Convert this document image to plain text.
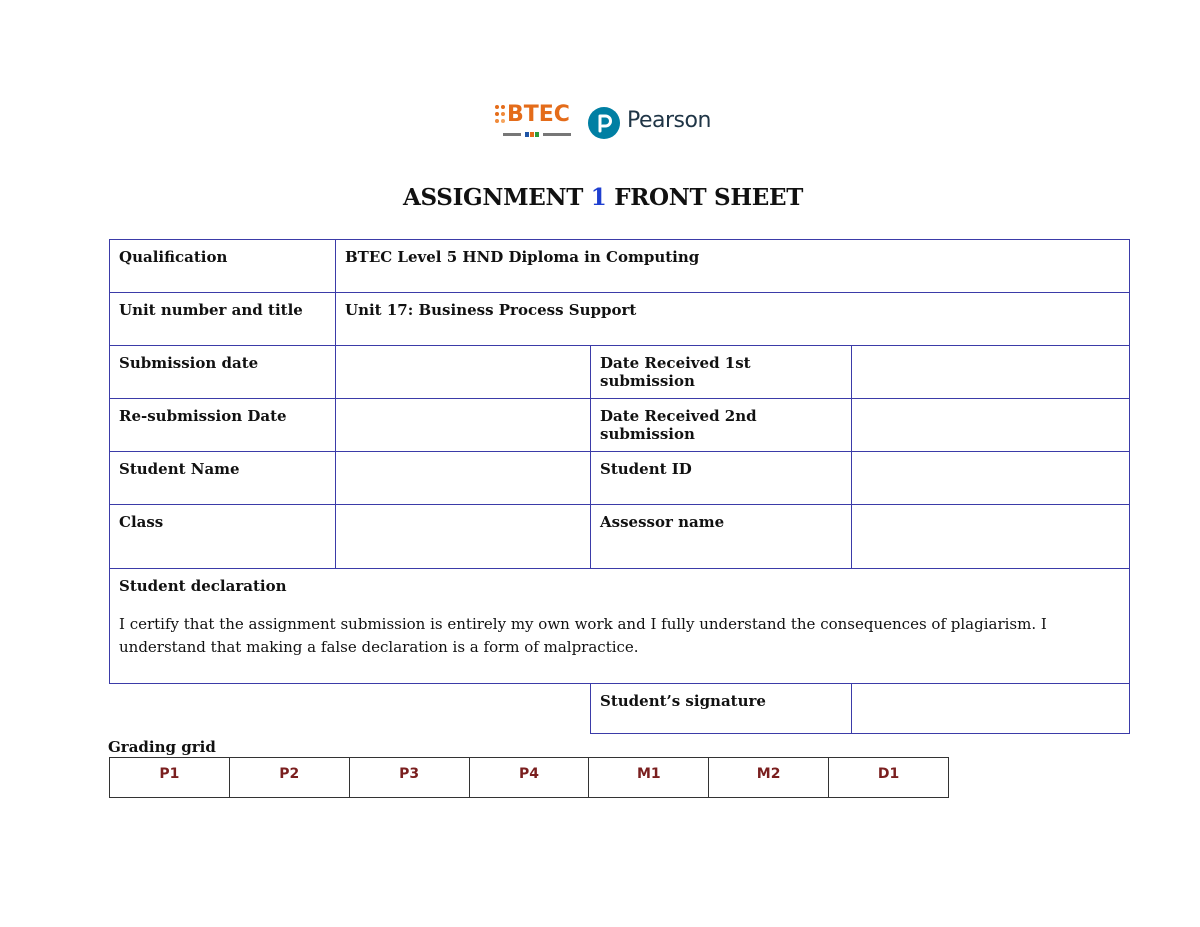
BTEC	Pearson
ASSIGNMENT 1 FRONT SHEET
Qualification	BTEC Level 5 HND Diploma in Computing		
Unit number and title	Unit 17: Business Process Support		
Submission date		Date Received 1st submission	
Re-submission Date		Date Received 2nd submission	
Student Name		Student ID	
Class		Assessor name	

Student declaration
I certify that the assignment submission is entirely my own work and I fully understand the consequences of plagiarism. I understand that making a false declaration is a form of malpractice.			

		Student’s signature	
Grading grid
P1	P2	P3	P4	M1	M2	D1
